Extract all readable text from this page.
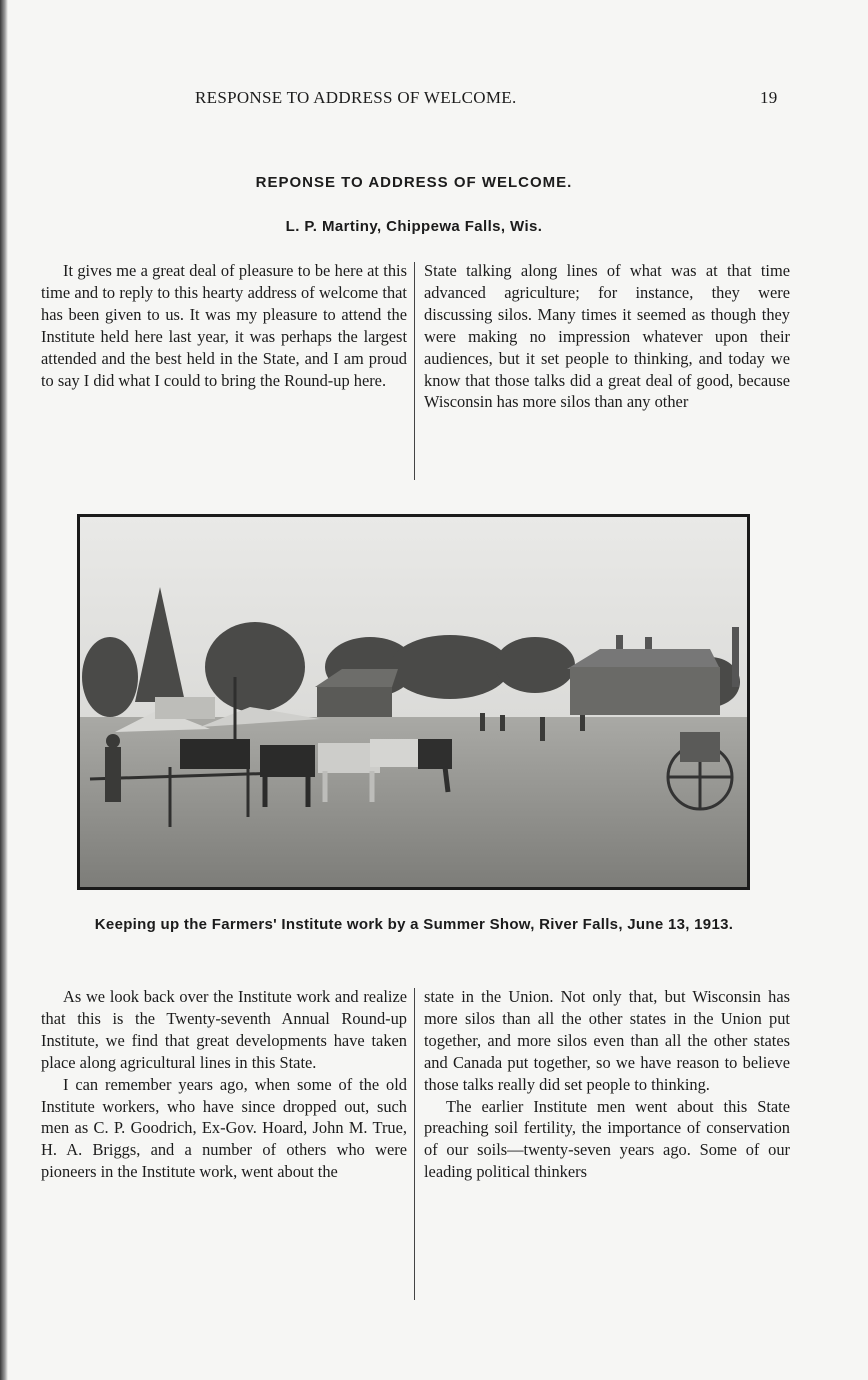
RESPONSE TO ADDRESS OF WELCOME.	19
REPONSE TO ADDRESS OF WELCOME.
L. P. Martiny, Chippewa Falls, Wis.

It gives me a great deal of pleasure to be here at this time and to reply to this hearty address of welcome that has been given to us. It was my pleasure to attend the Institute held here last year, it was perhaps the largest attended and the best held in the State, and I am proud to say I did what I could to bring the Round-up here.

State talking along lines of what was at that time advanced agriculture; for instance, they were discussing silos. Many times it seemed as though they were making no impression whatever upon their audiences, but it set people to thinking, and today we know that those talks did a great deal of good, because Wisconsin has more silos than any other

Keeping up the Farmers' Institute work by a Summer Show, River Falls, June 13, 1913.

As we look back over the Institute work and realize that this is the Twenty-seventh Annual Round-up Institute, we find that great developments have taken place along agricultural lines in this State.

I can remember years ago, when some of the old Institute workers, who have since dropped out, such men as C. P. Goodrich, Ex-Gov. Hoard, John M. True, H. A. Briggs, and a number of others who were pioneers in the Institute work, went about the

state in the Union. Not only that, but Wisconsin has more silos than all the other states in the Union put together, and more silos even than all the other states and Canada put together, so we have reason to believe those talks really did set people to thinking.

The earlier Institute men went about this State preaching soil fertility, the importance of conservation of our soils—twenty-seven years ago. Some of our leading political thinkers
